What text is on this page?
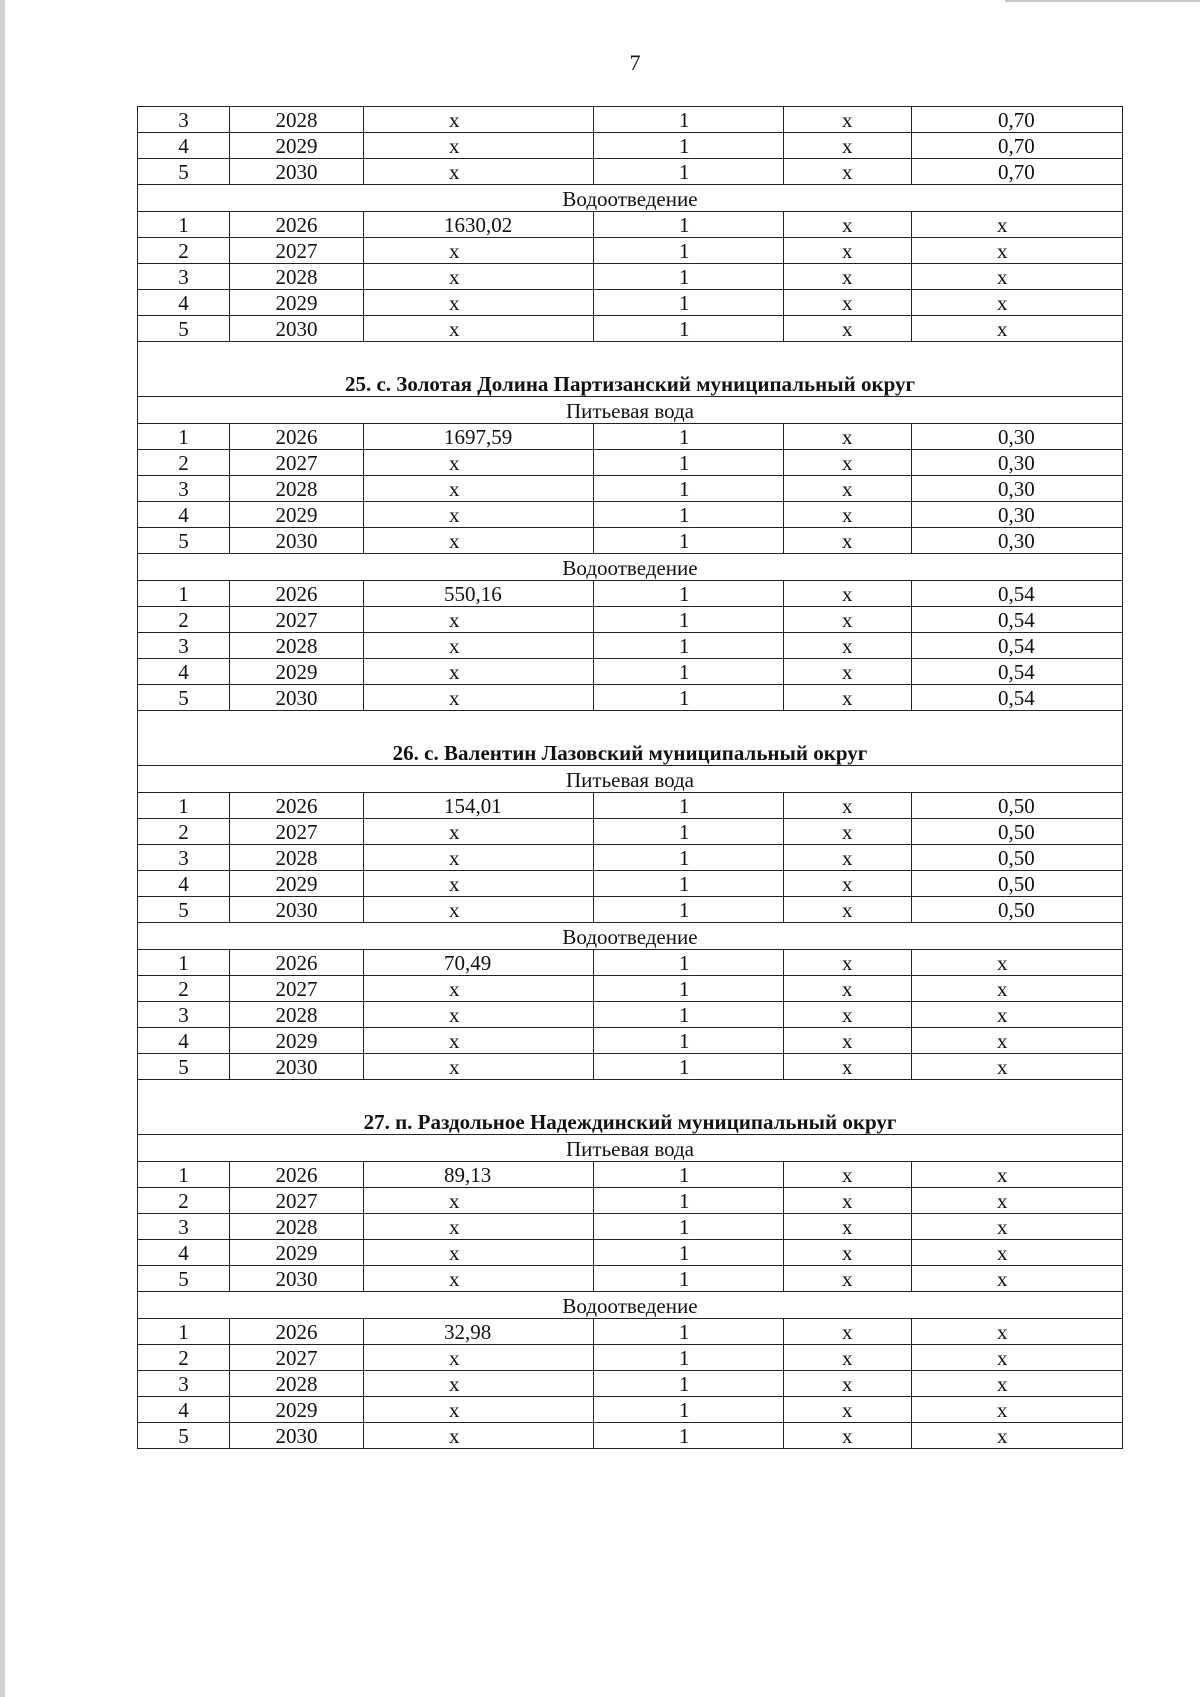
7
3	2028	x	1	x	0,70
4	2029	x	1	x	0,70
5	2030	x	1	x	0,70
Водоотведение					
1	2026	1630,02	1	x	x
2	2027	x	1	x	x
3	2028	x	1	x	x
4	2029	x	1	x	x
5	2030	x	1	x	x
25. с. Золотая Долина Партизанский муниципальный округ					
Питьевая вода					
1	2026	1697,59	1	x	0,30
2	2027	x	1	x	0,30
3	2028	x	1	x	0,30
4	2029	x	1	x	0,30
5	2030	x	1	x	0,30
Водоотведение					
1	2026	550,16	1	x	0,54
2	2027	x	1	x	0,54
3	2028	x	1	x	0,54
4	2029	x	1	x	0,54
5	2030	x	1	x	0,54
26. с. Валентин Лазовский муниципальный округ					
Питьевая вода					
1	2026	154,01	1	x	0,50
2	2027	x	1	x	0,50
3	2028	x	1	x	0,50
4	2029	x	1	x	0,50
5	2030	x	1	x	0,50
Водоотведение					
1	2026	70,49	1	x	x
2	2027	x	1	x	x
3	2028	x	1	x	x
4	2029	x	1	x	x
5	2030	x	1	x	x
27. п. Раздольное Надеждинский муниципальный округ					
Питьевая вода					
1	2026	89,13	1	x	x
2	2027	x	1	x	x
3	2028	x	1	x	x
4	2029	x	1	x	x
5	2030	x	1	x	x
Водоотведение					
1	2026	32,98	1	x	x
2	2027	x	1	x	x
3	2028	x	1	x	x
4	2029	x	1	x	x
5	2030	x	1	x	x
